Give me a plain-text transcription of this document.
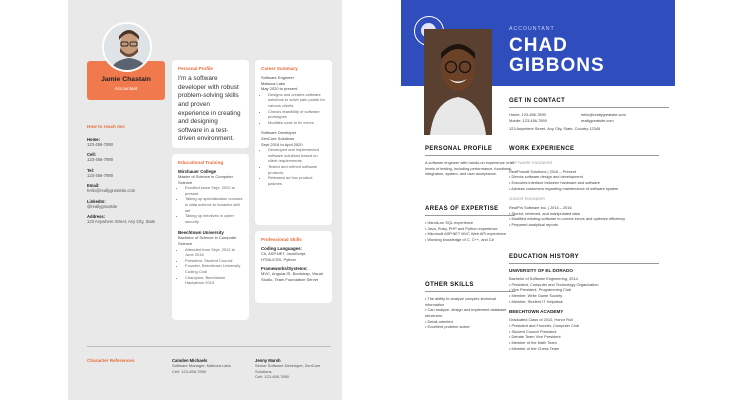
Jamie Chastain
Accountant
How to reach me:
Home:
123-456-7890
Cell:
123-456-7890
Tel:
123-456-7890
Email:
hello@reallygreatsite.com
LinkedIn:
@reallygreatsite
Address:
123 Anywhere Street, Any City, State
Personal Profile
I'm a software developer with robust problem-solving skills and proven experience in creating and designing software in a test-driven environment.
Career Summary
Software Engineer
Mattoca Labs
May 2020 to present
• Designs and creates software solutions to solve pain points for various clients
• Checks feasibility of software prototypes
• Modifies code to fix errors
Software Developer
ZenCore Solutions
Sept 2016 to April 2020
• Developed and implemented software solutions based on client requirements
• Tested and refined software products
• Released ad hoc product patches
Educational Training
Mirchauer College
Master of Science in Computer Science
• Enrolled since Sept. 2020 to present
• Taking up specialization courses in data science to broaden skill set
• Taking up electives in cyber security
Beechtown University
Bachelor of Science in Computer Science
• Attended from Sept. 2012 to June 2016
• President, Student Council
• Founder, Beechtown University Coding Club
• Champion, Beechtown Hackathon 2015
Professional Skills
Coding Languages:
C#, ASP.NET, JavaScript, HTML/CSS, Python
Frameworks/Systems:
MVC, AngularJS, Bootstrap, Visual Studio, Team Foundation Server
Character References	Camden Michaels
Software Manager, Mattoca Labs
Cell: 123-456-7890
Jenny Marsh
Senior Software Developer, ZenCore Solutions
Cell: 123-456-7890
ACCOUNTANT
CHAD
GIBBONS
GET IN CONTACT
Home: 123-456-7890	hello@reallygreatsite.com
Mobile: 123-456-7890	reallygreatsite.com
123 Anywhere Street, Any City, State, Country 12345
PERSONAL PROFILE
A software engineer with hands-on experience in all levels of testing, including performance, functional, integration, system, and user acceptance.
AREAS OF EXPERTISE
• Hands-on SQL experience
• Java, Ruby, PHP and Python experience
• Microsoft ASP.NET MVC Web API experience
• Working knowledge of C, C++, and C#
OTHER SKILLS
• The ability to analyze complex technical information
• Can analyze, design and implement database structures
• Detail-oriented
• Excellent problem solver
WORK EXPERIENCE
SOFTWARE ENGINEER
RealProsoft Solutions | 2016 – Present
• Directs software design and development
• Executes interface between hardware and software
• Advises customers regarding maintenance of software system
JUNIOR ENGINEER
RealPro Software Inc. | 2014 – 2016
• Stored, retrieved, and manipulated data
• Modified existing software to correct errors and optimize efficiency
• Prepared analytical reports
EDUCATION HISTORY
UNIVERSITY OF EL DORADO
Bachelor of Software Engineering, 2014
• President, Computer and Technology Organization
• Vice President, Programming Club
• Member, Write Game Society
• Member, Student IT Helpdesk
BEECHTOWN ACADEMY
Graduated Class of 2010, Honor Roll
• President and Founder, Computer Club
• Student Council President
• Debate Team Vice President
• Member of the Math Team
• Member of the Chess Team
